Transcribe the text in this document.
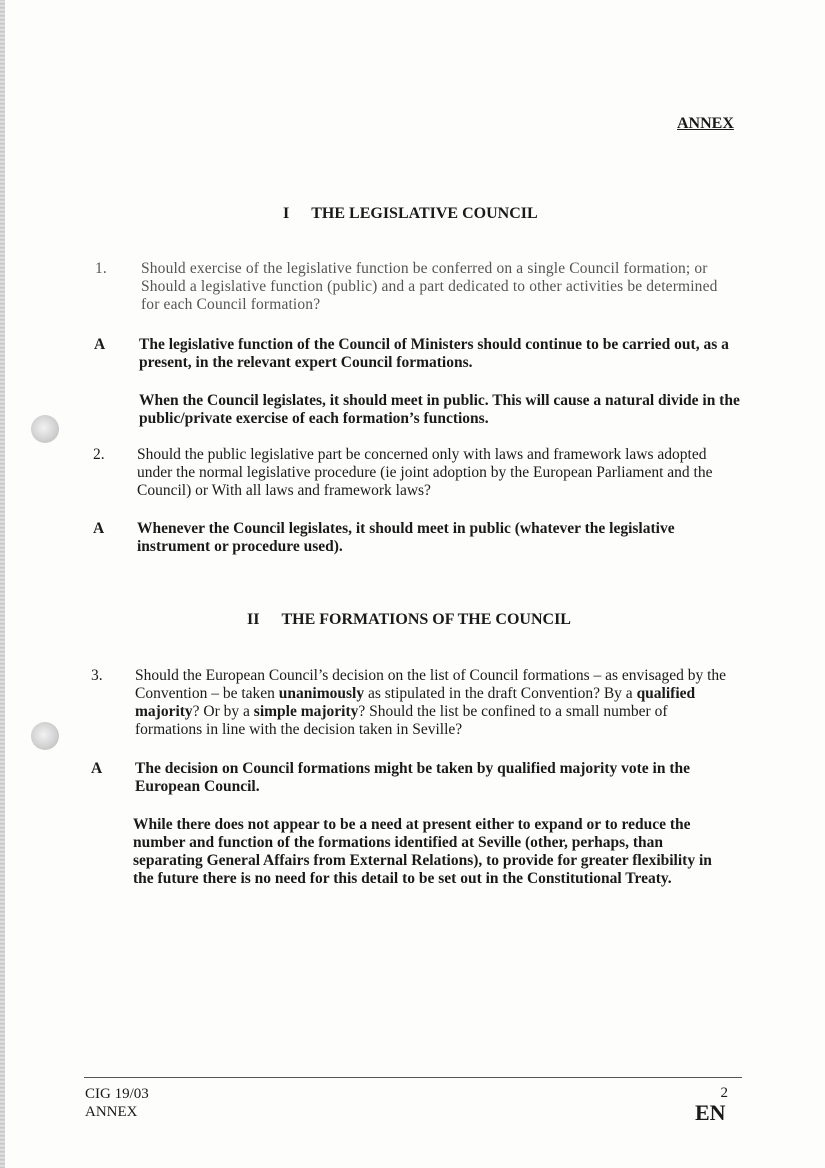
ANNEX
I THE LEGISLATIVE COUNCIL
1. Should exercise of the legislative function be conferred on a single Council formation; or Should a legislative function (public) and a part dedicated to other activities be determined for each Council formation?
A The legislative function of the Council of Ministers should continue to be carried out, as a present, in the relevant expert Council formations.
When the Council legislates, it should meet in public. This will cause a natural divide in the public/private exercise of each formation’s functions.
2. Should the public legislative part be concerned only with laws and framework laws adopted under the normal legislative procedure (ie joint adoption by the European Parliament and the Council) or With all laws and framework laws?
A Whenever the Council legislates, it should meet in public (whatever the legislative instrument or procedure used).
II THE FORMATIONS OF THE COUNCIL
3. Should the European Council’s decision on the list of Council formations – as envisaged by the Convention – be taken unanimously as stipulated in the draft Convention? By a qualified majority? Or by a simple majority? Should the list be confined to a small number of formations in line with the decision taken in Seville?
A The decision on Council formations might be taken by qualified majority vote in the European Council.
While there does not appear to be a need at present either to expand or to reduce the number and function of the formations identified at Seville (other, perhaps, than separating General Affairs from External Relations), to provide for greater flexibility in the future there is no need for this detail to be set out in the Constitutional Treaty.
CIG 19/03
ANNEX
2
EN
